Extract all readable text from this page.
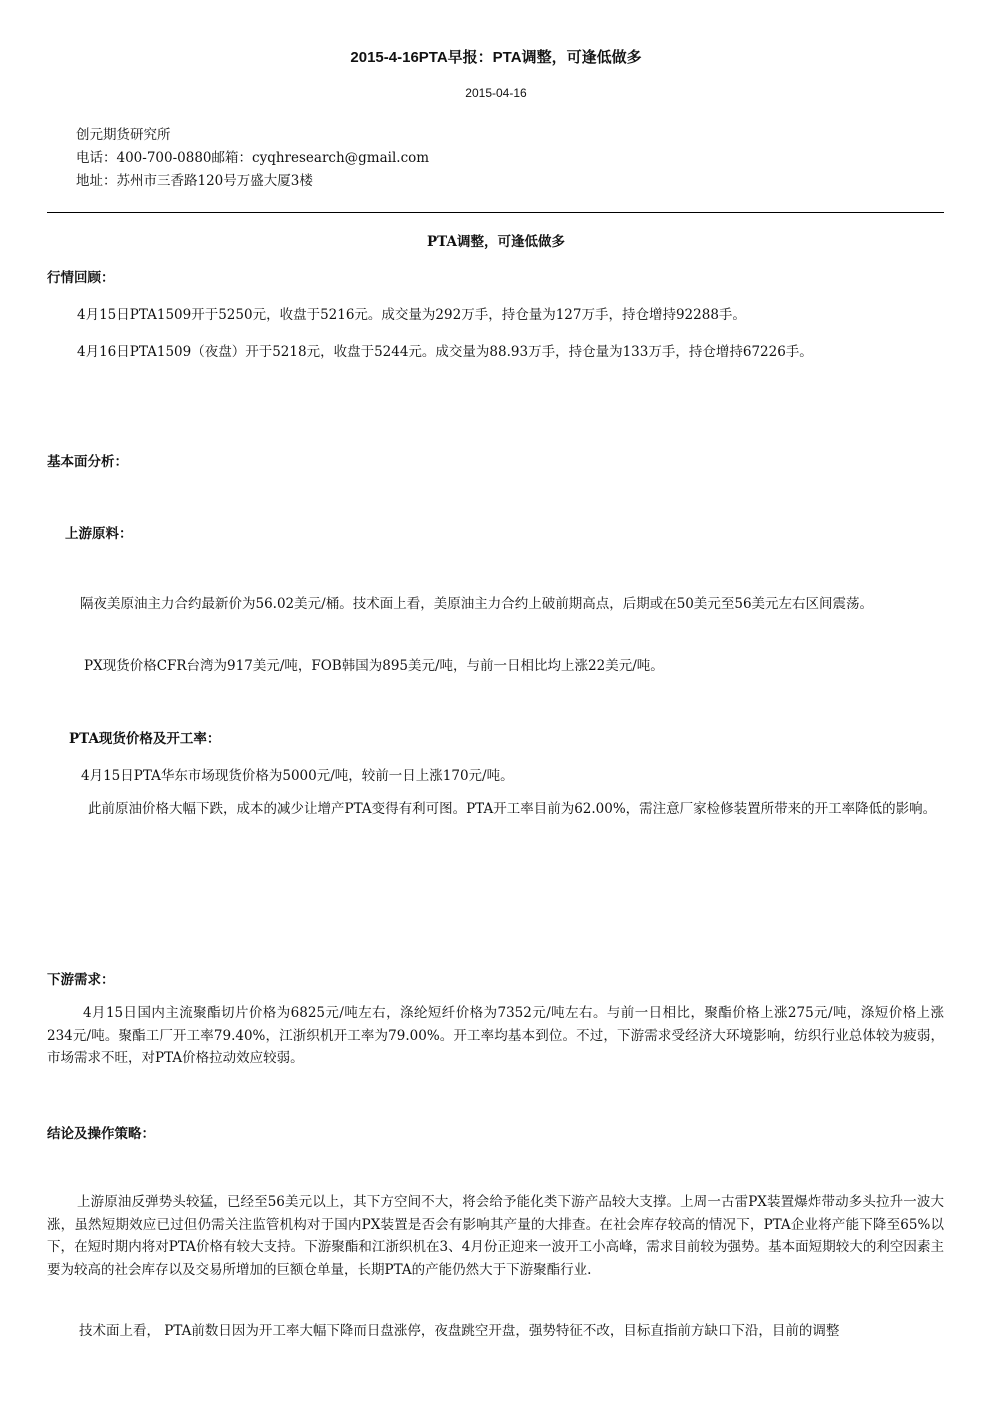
2015-4-16PTA早报：PTA调整，可逢低做多
2015-04-16
创元期货研究所
电话：400-700-0880邮箱：cyqhresearch@gmail.com
地址：苏州市三香路120号万盛大厦3楼
PTA调整，可逢低做多
行情回顾：
4月15日PTA1509开于5250元，收盘于5216元。成交量为292万手，持仓量为127万手，持仓增持92288手。
4月16日PTA1509（夜盘）开于5218元，收盘于5244元。成交量为88.93万手，持仓量为133万手，持仓增持67226手。
基本面分析：
上游原料：
隔夜美原油主力合约最新价为56.02美元/桶。技术面上看，美原油主力合约上破前期高点，后期或在50美元至56美元左右区间震荡。
PX现货价格CFR台湾为917美元/吨，FOB韩国为895美元/吨，与前一日相比均上涨22美元/吨。
PTA现货价格及开工率：
4月15日PTA华东市场现货价格为5000元/吨，较前一日上涨170元/吨。
此前原油价格大幅下跌，成本的减少让增产PTA变得有利可图。PTA开工率目前为62.00%，需注意厂家检修装置所带来的开工率降低的影响。
下游需求：
4月15日国内主流聚酯切片价格为6825元/吨左右，涤纶短纤价格为7352元/吨左右。与前一日相比，聚酯价格上涨275元/吨，涤短价格上涨234元/吨。聚酯工厂开工率79.40%，江浙织机开工率为79.00%。开工率均基本到位。不过，下游需求受经济大环境影响，纺织行业总体较为疲弱，市场需求不旺，对PTA价格拉动效应较弱。
结论及操作策略：
上游原油反弹势头较猛，已经至56美元以上，其下方空间不大，将会给予能化类下游产品较大支撑。上周一古雷PX装置爆炸带动多头拉升一波大涨，虽然短期效应已过但仍需关注监管机构对于国内PX装置是否会有影响其产量的大排查。在社会库存较高的情况下，PTA企业将产能下降至65%以下，在短时期内将对PTA价格有较大支持。下游聚酯和江浙织机在3、4月份正迎来一波开工小高峰，需求目前较为强势。基本面短期较大的利空因素主要为较高的社会库存以及交易所增加的巨额仓单量，长期PTA的产能仍然大于下游聚酯行业.
技术面上看， PTA前数日因为开工率大幅下降而日盘涨停，夜盘跳空开盘，强势特征不改，目标直指前方缺口下沿，目前的调整
